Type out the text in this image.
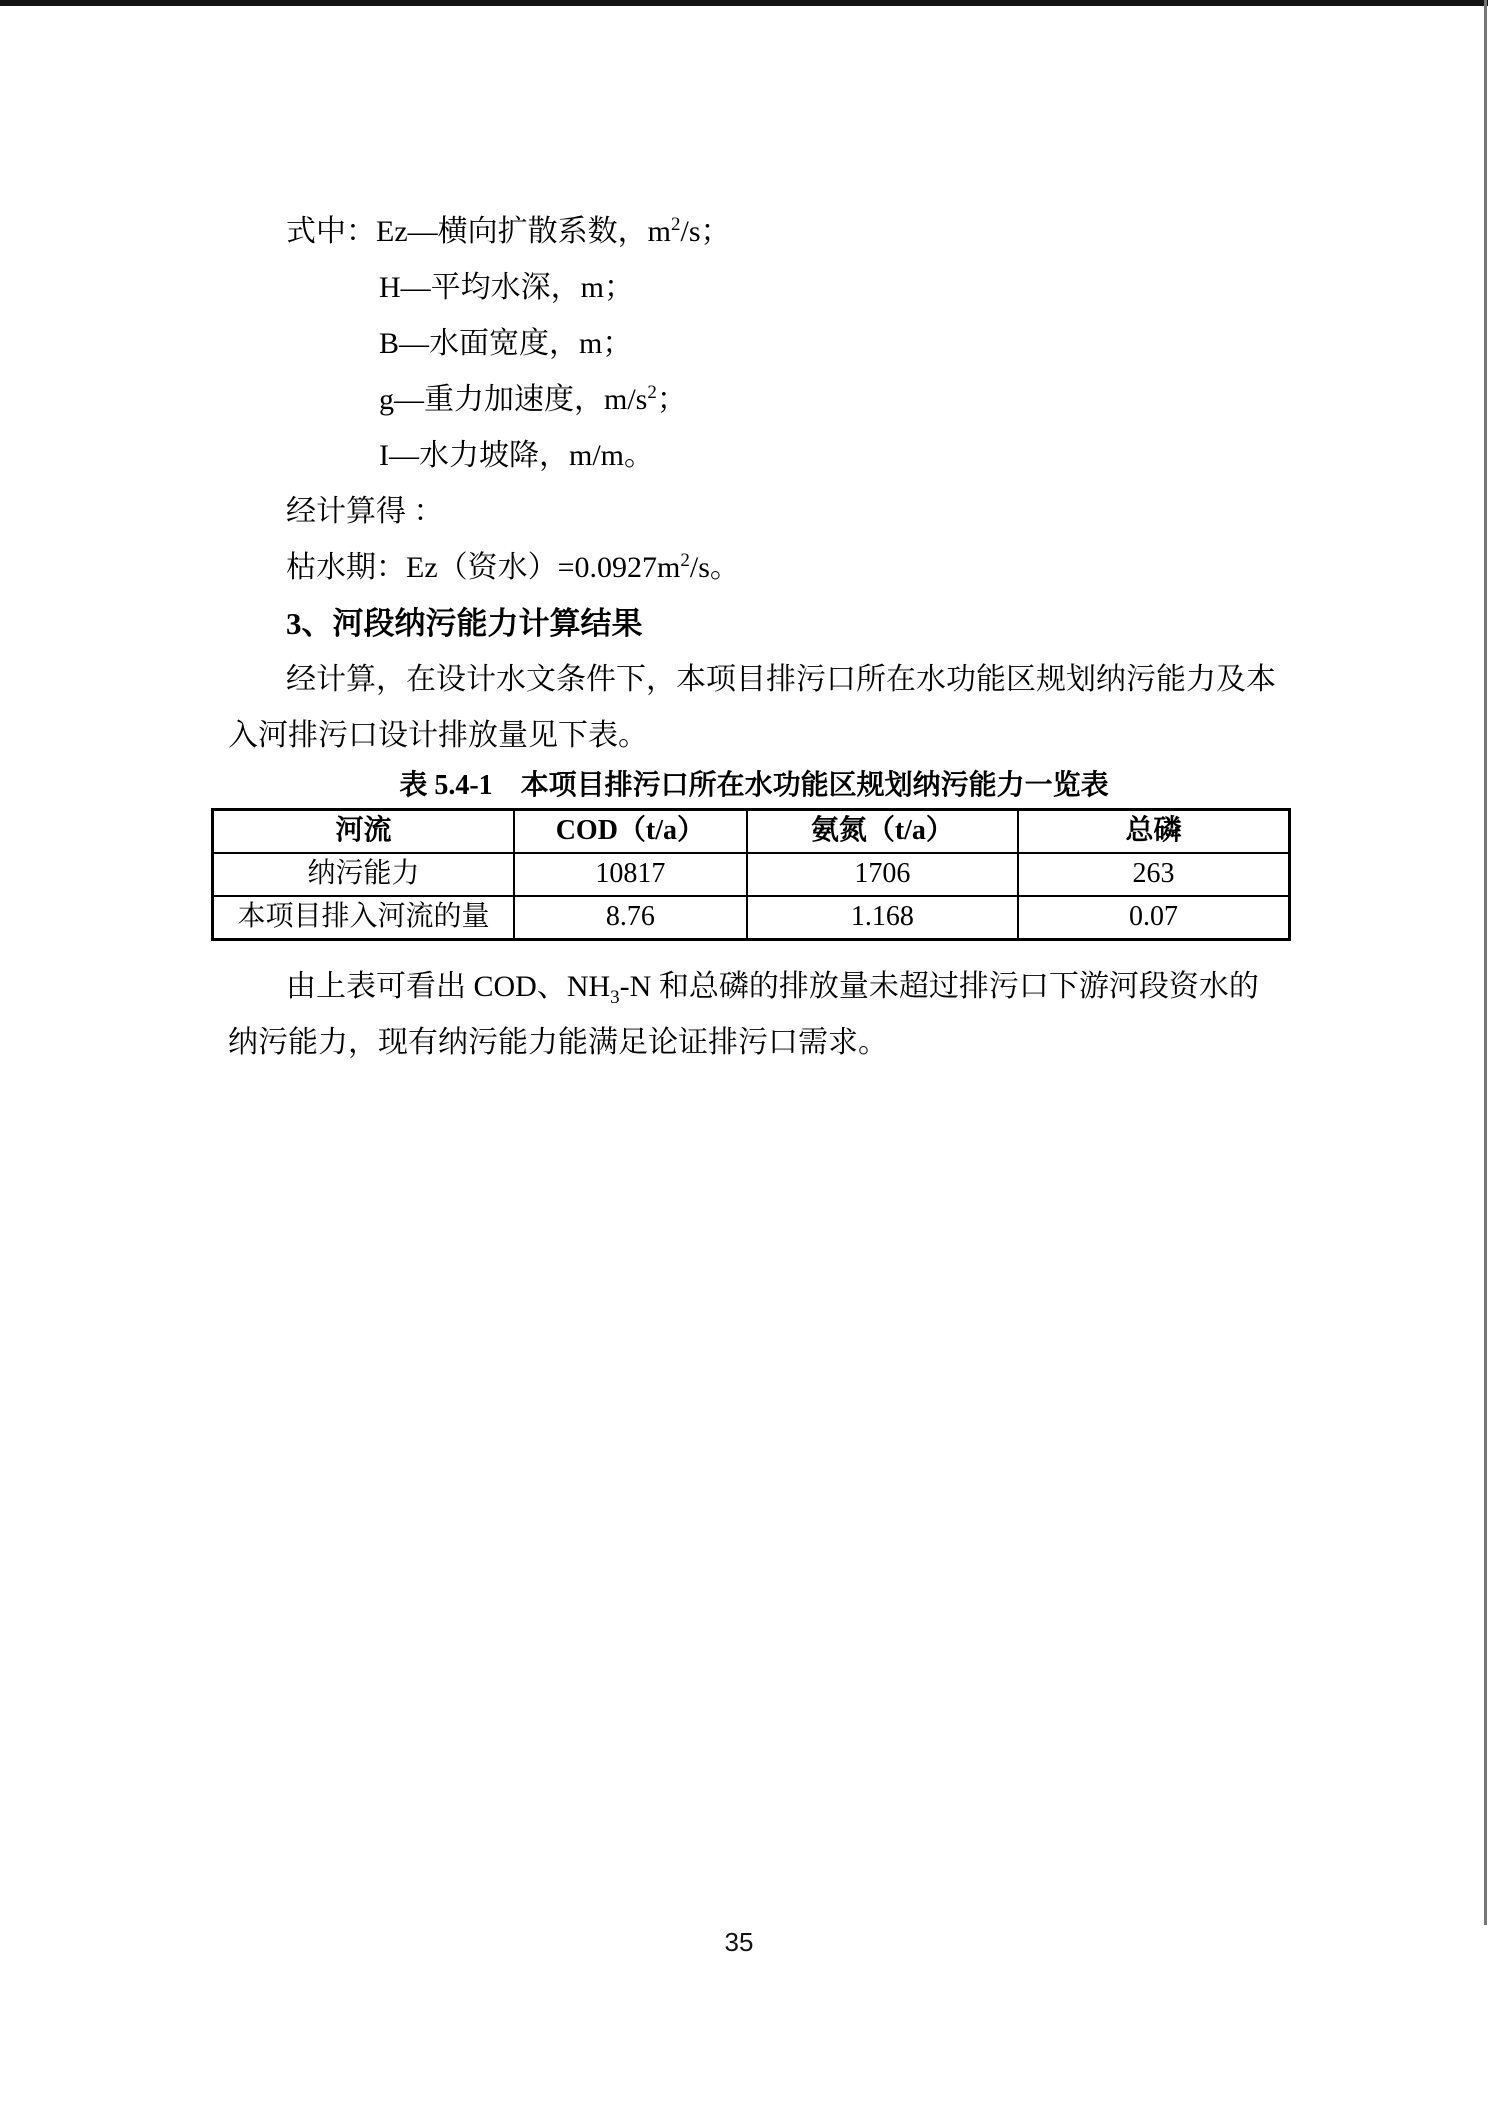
式中：Ez—横向扩散系数，$m^2/s$；
H—平均水深，m；
B—水面宽度，m；
g—重力加速度，$m/s^2$；
I—水力坡降，m/m。
经计算得 ：
枯水期：Ez（资水）$=0.0927m^2/s$。
3、河段纳污能力计算结果
经计算，在设计水文条件下，本项目排污口所在水功能区规划纳污能力及本
入河排污口设计排放量见下表。
表 5.4-1 本项目排污口所在水功能区规划纳污能力一览表
河流	COD（t/a）	氨氮（t/a）	总磷
纳污能力	10817	1706	263
本项目排入河流的量	8.76	1.168	0.07
由上表可看出 COD、$NH_3-N$ 和总磷的排放量未超过排污口下游河段资水的
纳污能力，现有纳污能力能满足论证排污口需求。
35
